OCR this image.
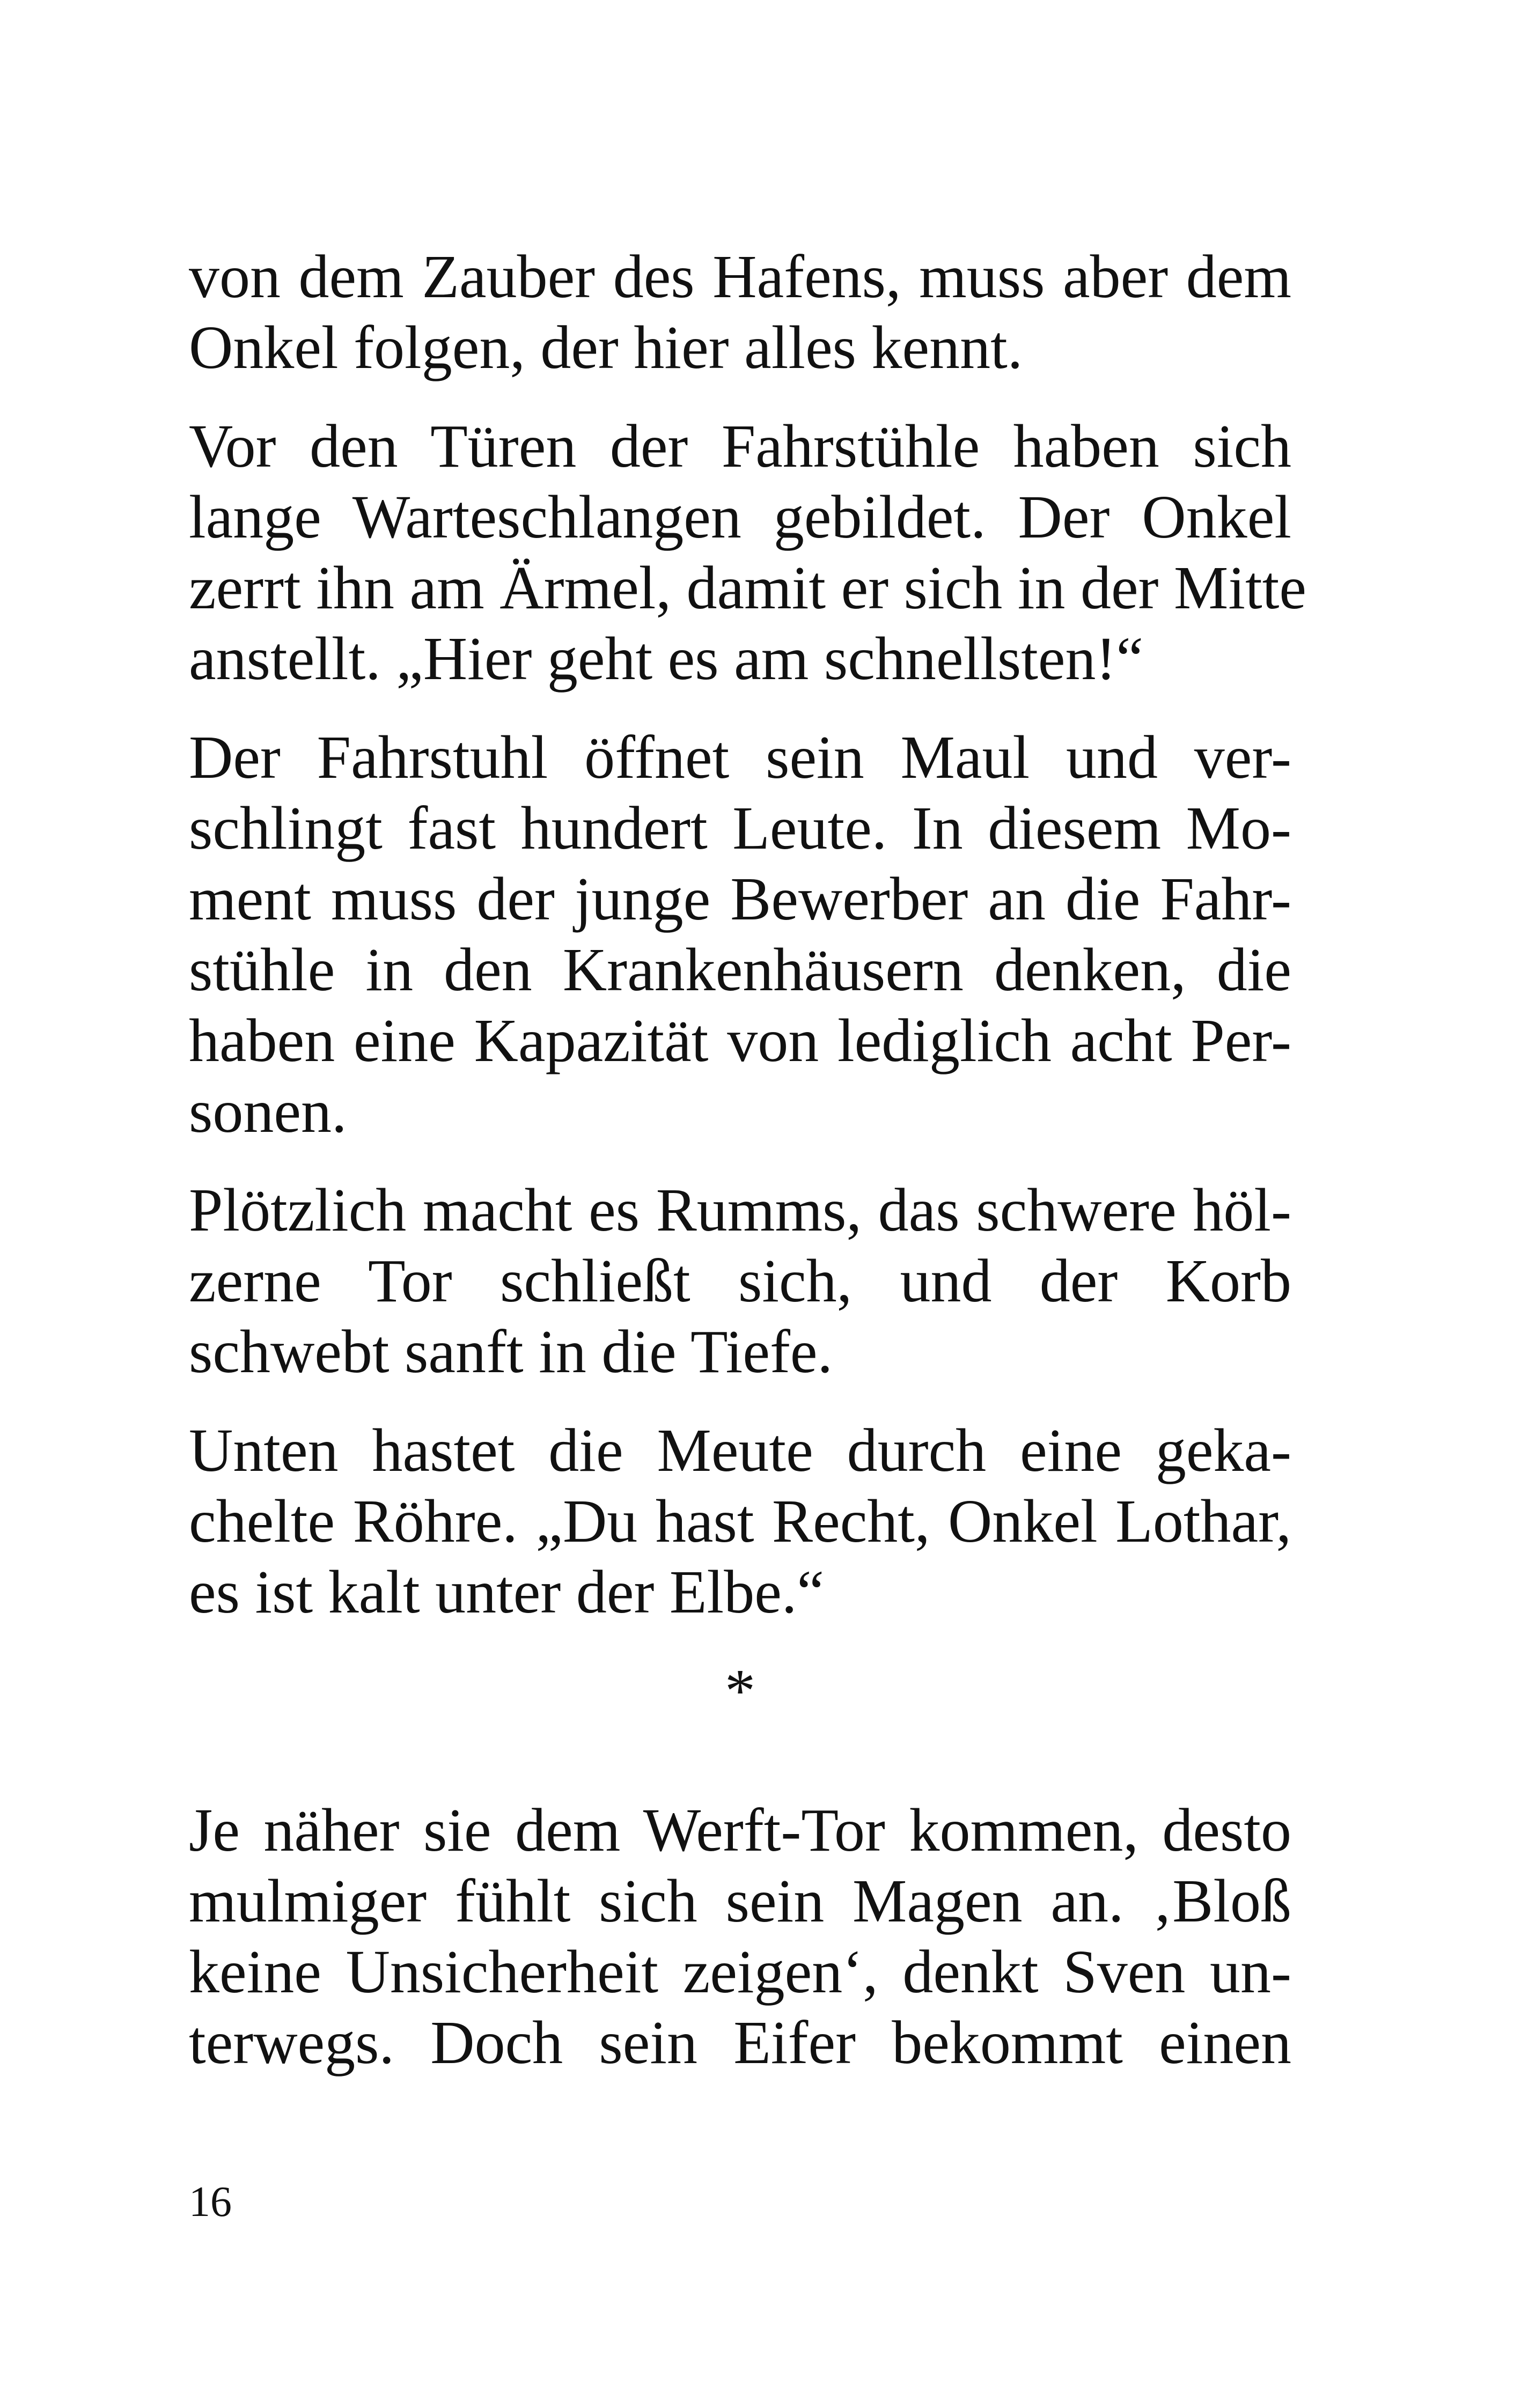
von dem Zauber des Hafens, muss aber dem
Onkel folgen, der hier alles kennt.

Vor den Türen der Fahrstühle haben sich
lange Warteschlangen gebildet. Der Onkel
zerrt ihn am Ärmel, damit er sich in der Mitte
anstellt. „Hier geht es am schnellsten!“

Der Fahrstuhl öffnet sein Maul und ver-
schlingt fast hundert Leute. In diesem Mo-
ment muss der junge Bewerber an die Fahr-
stühle in den Krankenhäusern denken, die
haben eine Kapazität von lediglich acht Per-
sonen.

Plötzlich macht es Rumms, das schwere höl-
zerne Tor schließt sich, und der Korb
schwebt sanft in die Tiefe.

Unten hastet die Meute durch eine geka-
chelte Röhre. „Du hast Recht, Onkel Lothar,
es ist kalt unter der Elbe.“

*

Je näher sie dem Werft-Tor kommen, desto
mulmiger fühlt sich sein Magen an. ‚Bloß
keine Unsicherheit zeigen‘, denkt Sven un-
terwegs. Doch sein Eifer bekommt einen

16
